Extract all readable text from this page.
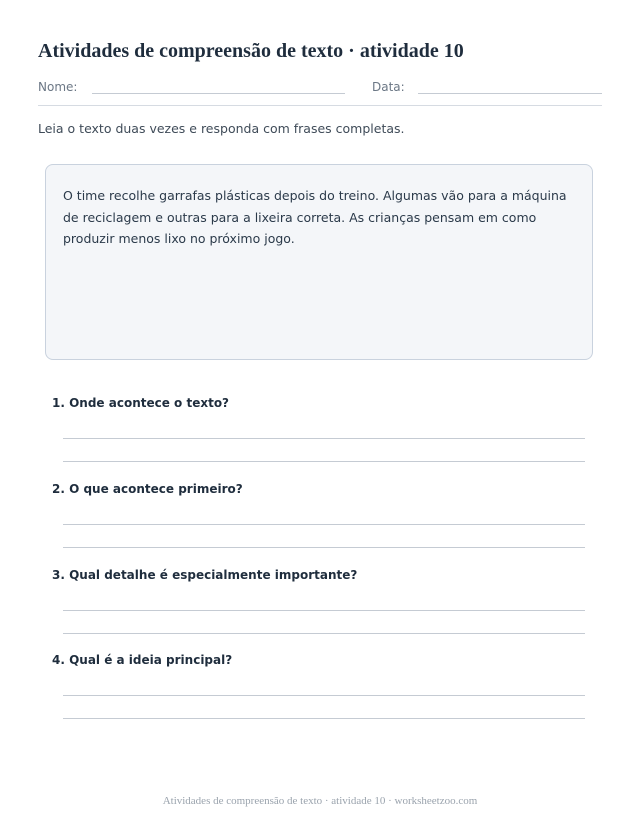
Atividades de compreensão de texto · atividade 10
Nome:	Data:
Leia o texto duas vezes e responda com frases completas.
O time recolhe garrafas plásticas depois do treino. Algumas vão para a máquina de reciclagem e outras para a lixeira correta. As crianças pensam em como produzir menos lixo no próximo jogo.

1. Onde acontece o texto?

2. O que acontece primeiro?

3. Qual detalhe é especialmente importante?

4. Qual é a ideia principal?

Atividades de compreensão de texto · atividade 10 · worksheetzoo.com
